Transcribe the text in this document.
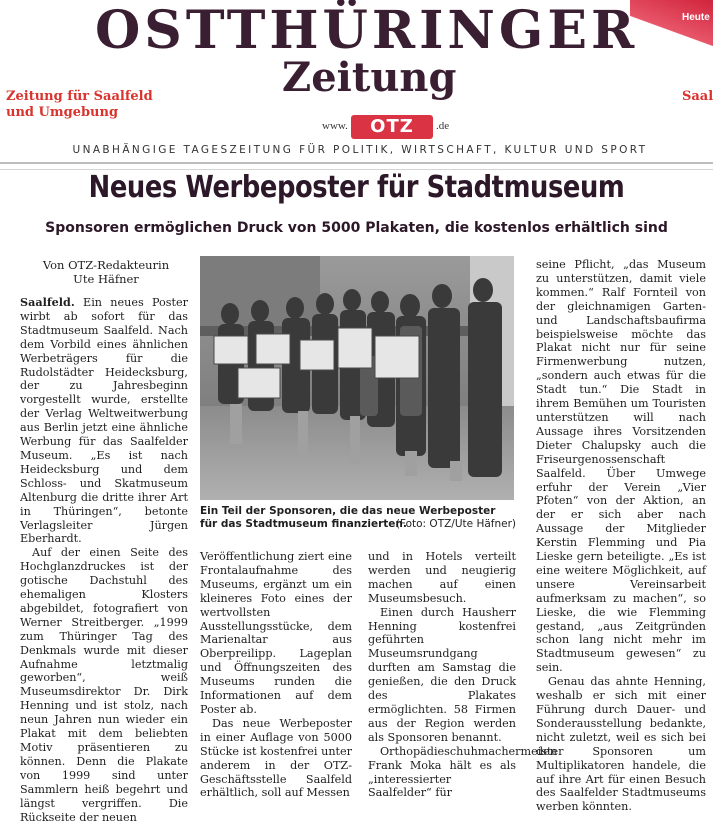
Heute m
OSTTHÜRINGER
Zeitung
Zeitung für Saalfeld und Umgebung
Saal
www.	OTZ	.de
UNABHÄNGIGE TAGESZEITUNG FÜR POLITIK, WIRTSCHAFT, KULTUR UND SPORT
Neues Werbeposter für Stadtmuseum
Sponsoren ermöglichen Druck von 5000 Plakaten, die kostenlos erhältlich sind
Von OTZ-Redakteurin
Ute Häfner

Saalfeld. Ein neues Poster wirbt ab sofort für das Stadtmuseum Saalfeld. Nach dem Vorbild eines ähnlichen Werbeträgers für die Rudolstädter Heidecksburg, der zu Jahresbeginn vorgestellt wurde, erstellte der Verlag Weltweitwerbung aus Berlin jetzt eine ähnliche Werbung für das Saalfelder Museum. „Es ist nach Heidecksburg und dem Schloss- und Skatmuseum Altenburg die dritte ihrer Art in Thüringen“, betonte Verlagsleiter Jürgen Eberhardt.

Auf der einen Seite des Hochglanzdruckes ist der gotische Dachstuhl des ehemaligen Klosters abgebildet, fotografiert von Werner Streitberger. „1999 zum Thüringer Tag des Denkmals wurde mit dieser Aufnahme letztmalig geworben“, weiß Museumsdirektor Dr. Dirk Henning und ist stolz, nach neun Jahren nun wieder ein Plakat mit dem beliebten Motiv präsentieren zu können. Denn die Plakate von 1999 sind unter Sammlern heiß begehrt und längst vergriffen. Die Rückseite der neuen

Ein Teil der Sponsoren, die das neue Werbeposter für das Stadtmuseum finanzierten.
(Foto: OTZ/Ute Häfner)

Veröffentlichung ziert eine Frontalaufnahme des Museums, ergänzt um ein kleineres Foto eines der wertvollsten Ausstellungsstücke, dem Marienaltar aus Oberpreilipp. Lageplan und Öffnungszeiten des Museums runden die Informationen auf dem Poster ab.

Das neue Werbeposter in einer Auflage von 5000 Stücke ist kostenfrei unter anderem in der OTZ-Geschäftsstelle Saalfeld erhältlich, soll auf Messen

und in Hotels verteilt werden und neugierig machen auf einen Museumsbesuch.

Einen durch Hausherr Henning kostenfrei geführten Museumsrundgang durften am Samstag die genießen, die den Druck des Plakates ermöglichten. 58 Firmen aus der Region werden als Sponsoren benannt.

Orthopädieschuhmachermeister Frank Moka hält es als „interessierter Saalfelder“ für

seine Pflicht, „das Museum zu unterstützen, damit viele kommen.“ Ralf Fornteil von der gleichnamigen Garten- und Landschaftsbaufirma beispielsweise möchte das Plakat nicht nur für seine Firmenwerbung nutzen, „sondern auch etwas für die Stadt tun.“ Die Stadt in ihrem Bemühen um Touristen unterstützen will nach Aussage ihres Vorsitzenden Dieter Chalupsky auch die Friseurgenossenschaft Saalfeld. Über Umwege erfuhr der Verein „Vier Pfoten“ von der Aktion, an der er sich aber nach Aussage der Mitglieder Kerstin Flemming und Pia Lieske gern beteiligte. „Es ist eine weitere Möglichkeit, auf unsere Vereinsarbeit aufmerksam zu machen“, so Lieske, die wie Flemming gestand, „aus Zeitgründen schon lang nicht mehr im Stadtmuseum gewesen“ zu sein.

Genau das ahnte Henning, weshalb er sich mit einer Führung durch Dauer- und Sonderausstellung bedankte, nicht zuletzt, weil es sich bei den Sponsoren um Multiplikatoren handele, die auf ihre Art für einen Besuch des Saalfelder Stadtmuseums werben könnten.
